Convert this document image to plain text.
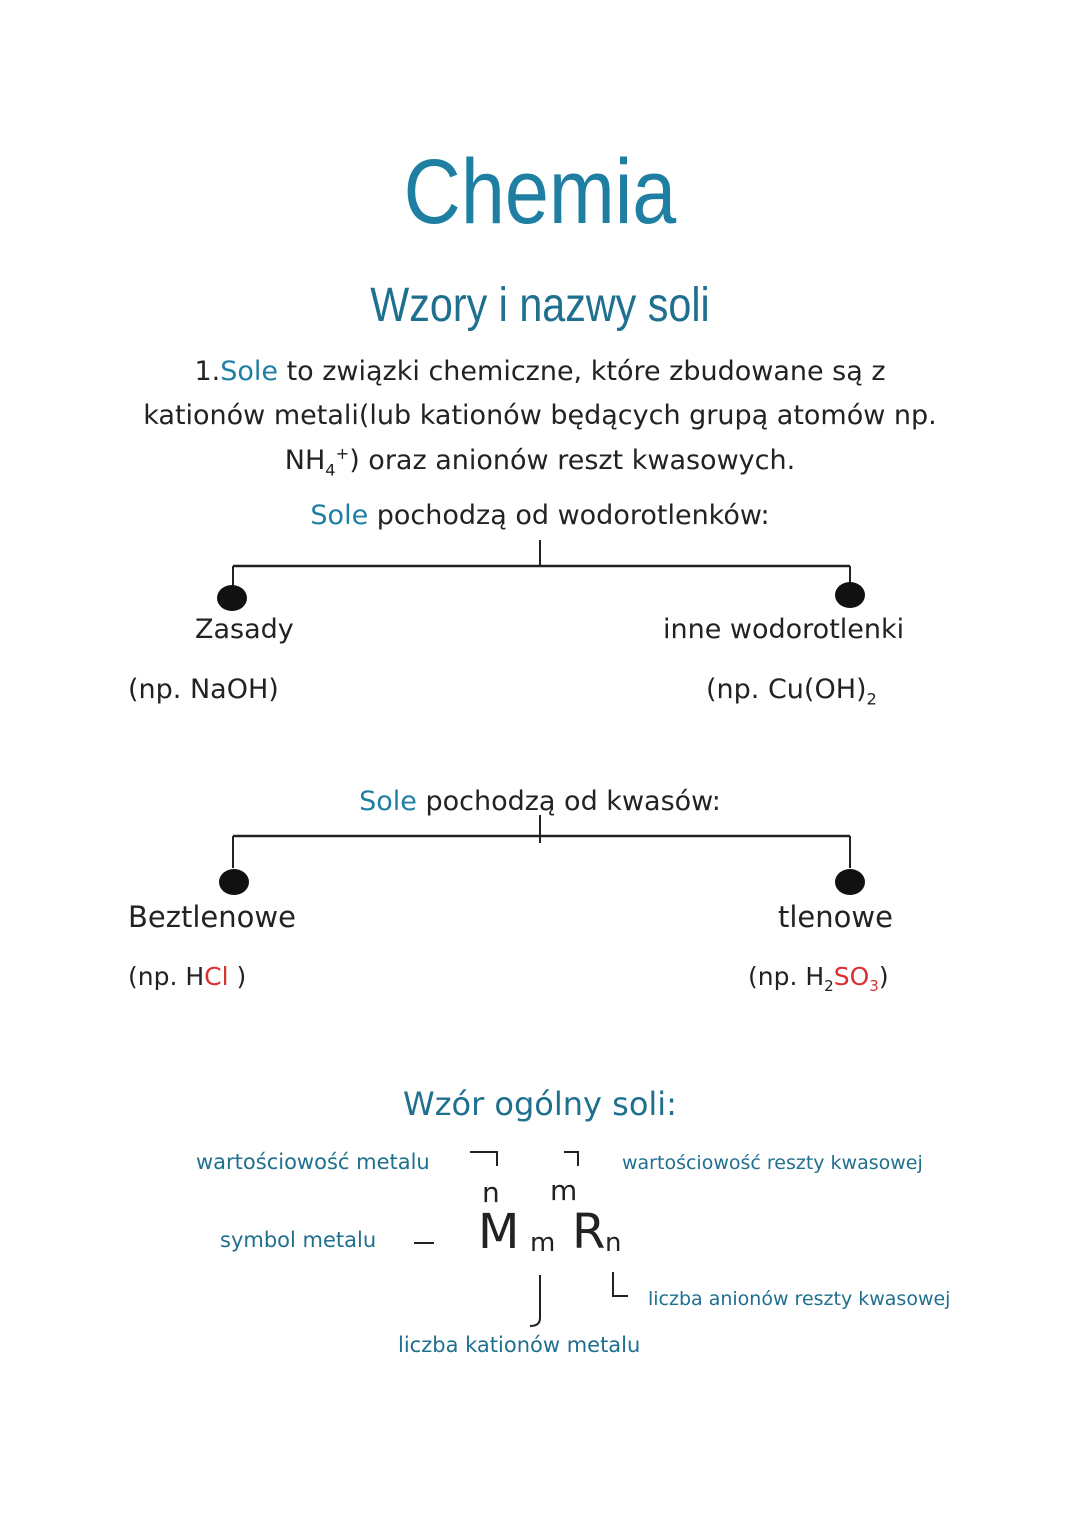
Chemia
Wzory i nazwy soli
1.Sole to związki chemiczne, które zbudowane są z
kationów metali(lub kationów będących grupą atomów np.
$NH_4^+$) oraz anionów reszt kwasowych.
Sole pochodzą od wodorotlenków:
Zasady
(np. NaOH)
inne wodorotlenki
(np. $Cu(OH)_2$
Sole pochodzą od kwasów:
Beztlenowe
(np. HCl )
tlenowe
(np. $H_2SO_3$)
Wzór ogólny soli:
wartościowość metalu	wartościowość reszty kwasowej
symbol metalu
liczba anionów reszty kwasowej
liczba kationów metalu
n m
M m R n
